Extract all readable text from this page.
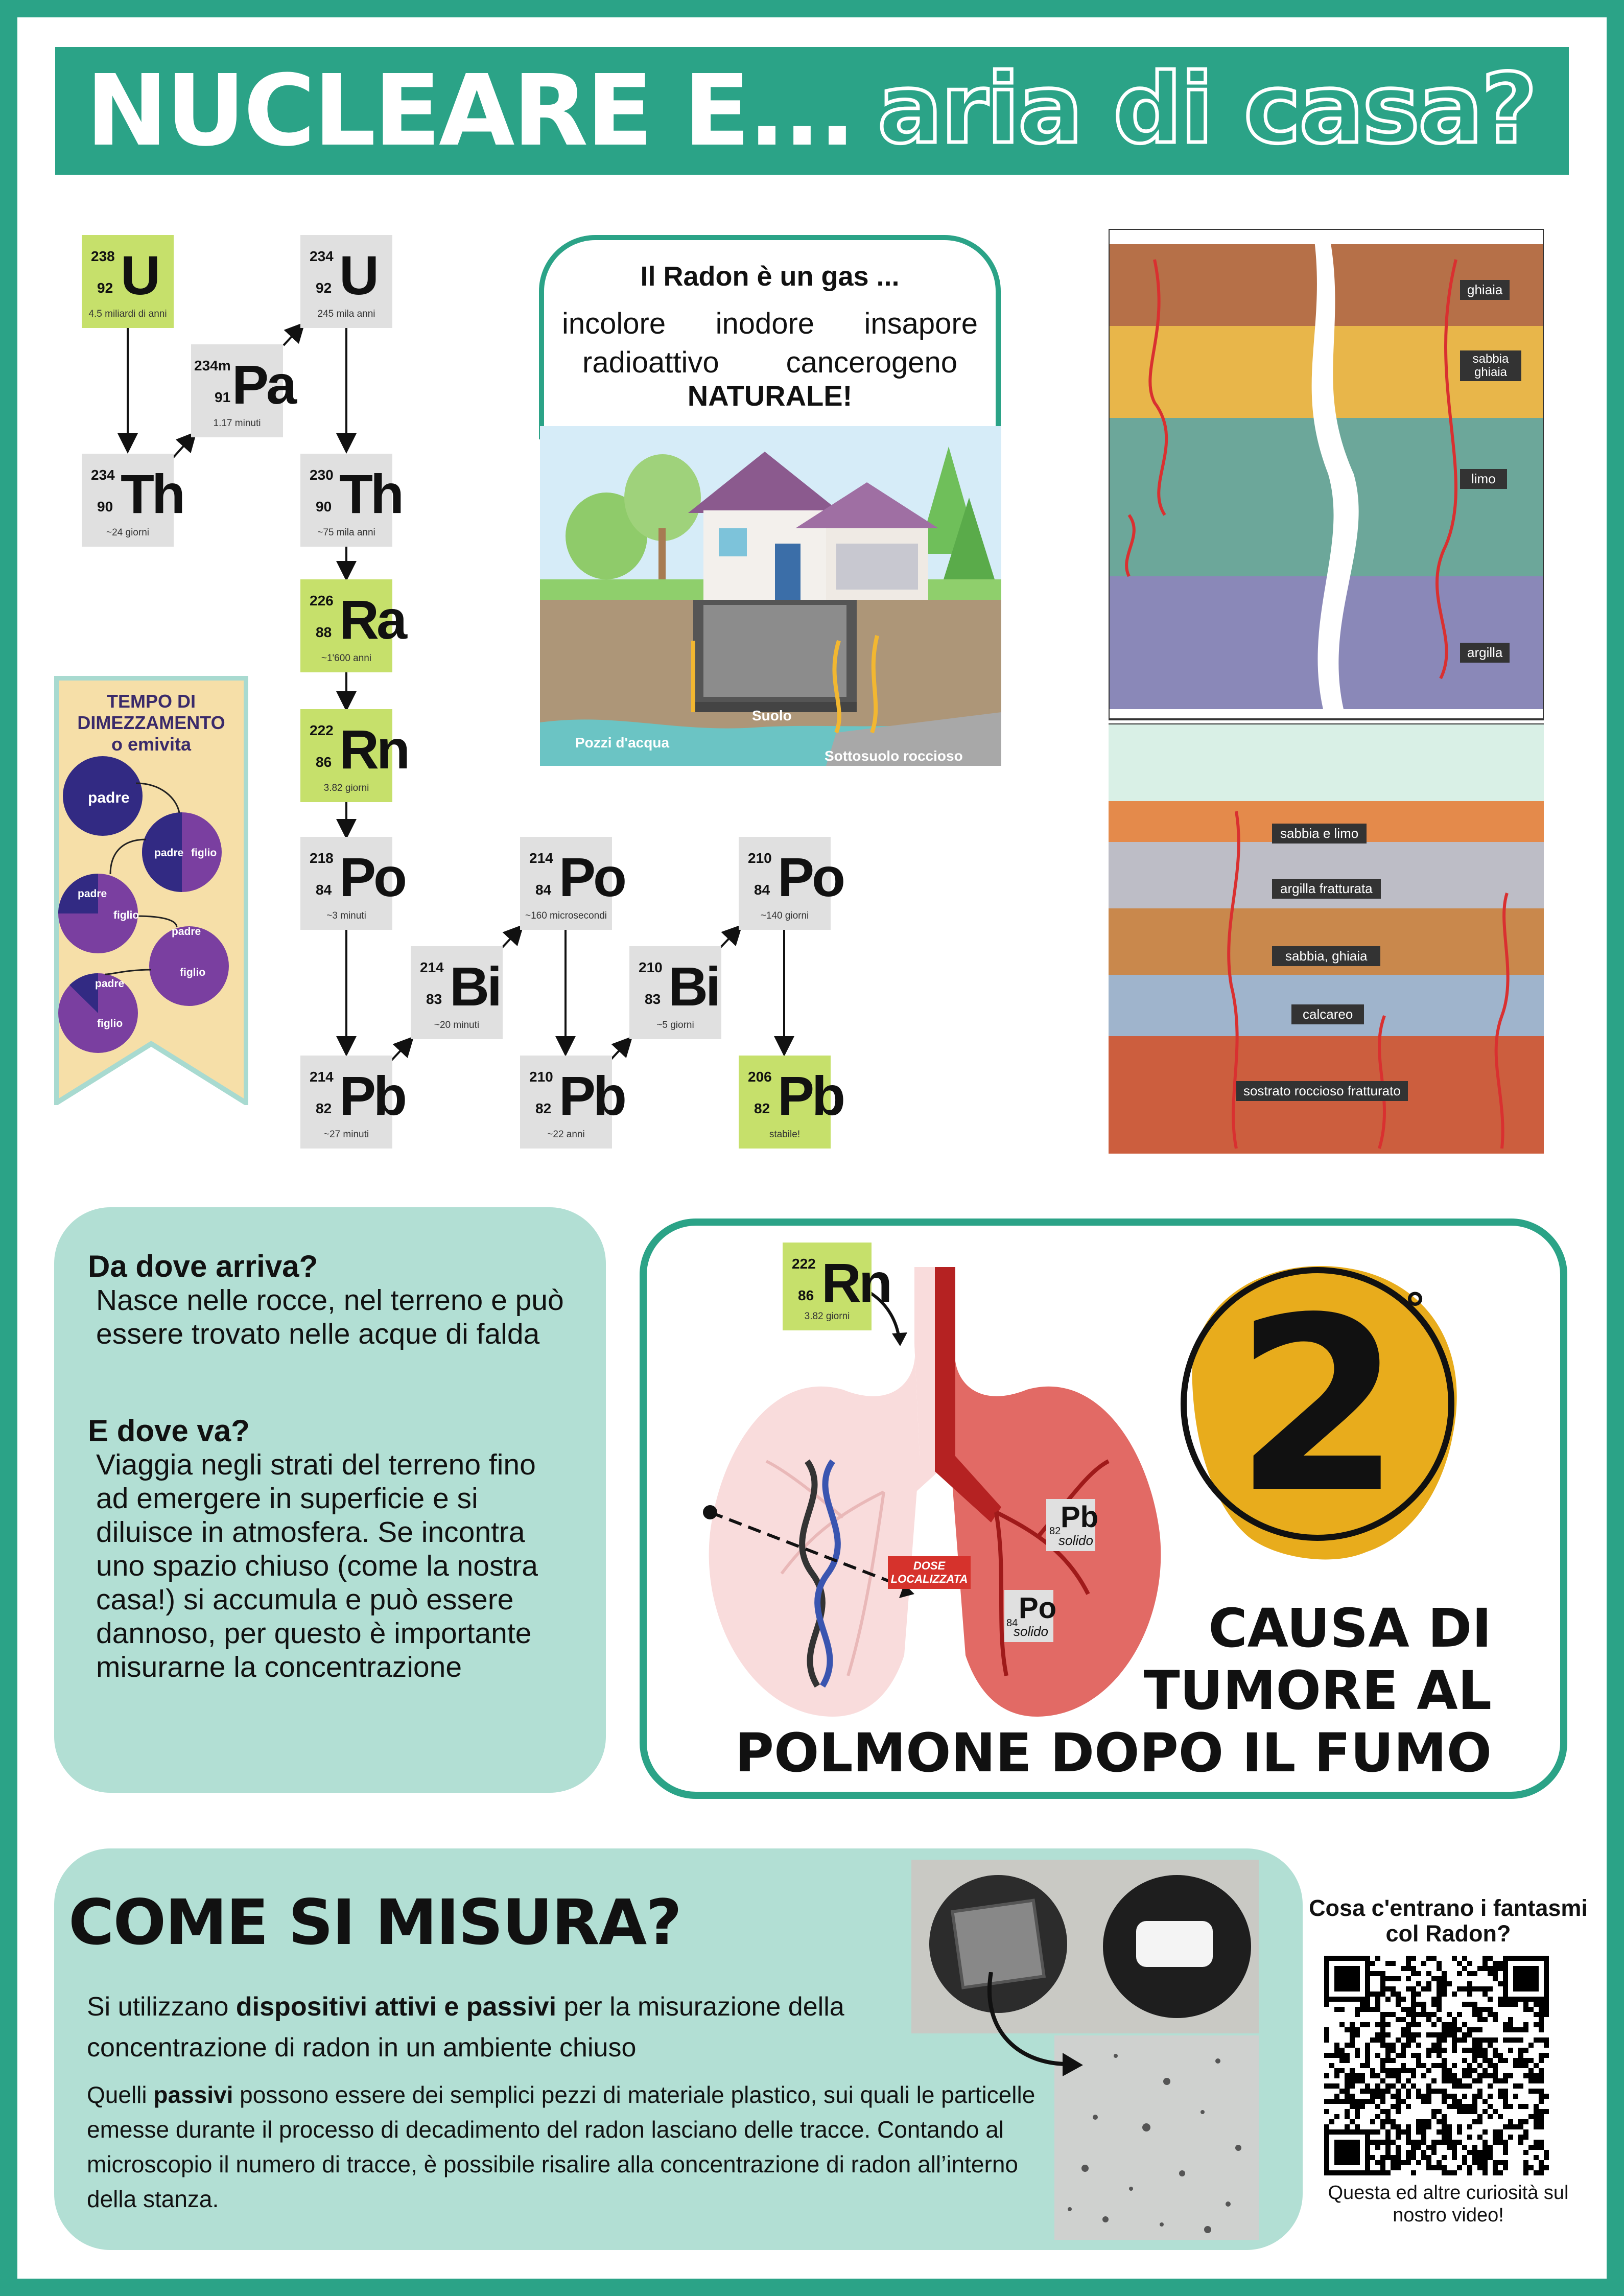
NUCLEARE E... aria di casa?
238
92 U
4.5 miliardi di anni
234
90 Th
~24 giorni
234m
91 Pa
1.17 minuti
234
92 U
245 mila anni
230
90 Th
~75 mila anni
226
88 Ra
~1'600 anni
222
86 Rn
3.82 giorni
218
84 Po
~3 minuti
214
82 Pb
~27 minuti
214
83 Bi
~20 minuti
214
84 Po
~160 microsecondi
210
82 Pb
~22 anni
210
83 Bi
~5 giorni
210
84 Po
~140 giorni
206
82 Pb
stabile!
TEMPO DI
DIMEZZAMENTO
o emivita
padre
padre figlio
padre
figlio
padre
figlio
padre
figlio
Il Radon è un gas ...
incolore inodore insapore
radioattivo cancerogeno
NATURALE!
Suolo
Pozzi d'acqua
Sottosuolo roccioso
ghiaia
sabbia ghiaia
limo
argilla
sabbia e limo
argilla fratturata
sabbia, ghiaia
calcareo
sostrato roccioso fratturato
Da dove arriva?
Nasce nelle rocce, nel terreno e può essere trovato nelle acque di falda
E dove va?
Viaggia negli strati del terreno fino ad emergere in superficie e si diluisce in atmosfera. Se incontra uno spazio chiuso (come la nostra casa!) si accumula e può essere dannoso, per questo è importante misurarne la concentrazione
DOSE
LOCALIZZATA
222
86 Rn
3.82 giorni
82 Pb
solido
84 Po
solido
2 °
CAUSA DI
TUMORE AL
POLMONE DOPO IL FUMO
COME SI MISURA?
Si utilizzano dispositivi attivi e passivi per la misurazione della concentrazione di radon in un ambiente chiuso
Quelli passivi possono essere dei semplici pezzi di materiale plastico, sui quali le particelle emesse durante il processo di decadimento del radon lasciano delle tracce. Contando al microscopio il numero di tracce, è possibile risalire alla concentrazione di radon all’interno della stanza.
Cosa c'entrano i fantasmi col Radon?
Questa ed altre curiosità sul nostro video!
